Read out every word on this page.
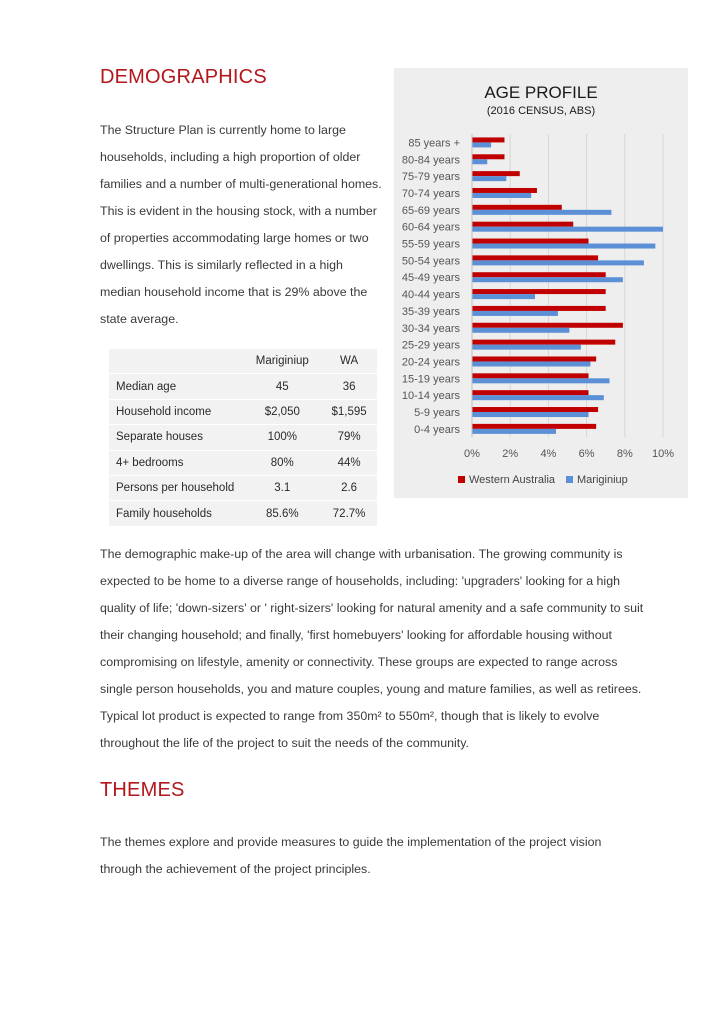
DEMOGRAPHICS

The Structure Plan is currently home to large households, including a high proportion of older families and a number of multi-generational homes. This is evident in the housing stock, with a number of properties accommodating large homes or two dwellings. This is similarly reflected in a high median household income that is 29% above the state average.

	Mariginiup	WA
Median age	45	36
Household income	$2,050	$1,595
Separate houses	100%	79%
4+ bedrooms	80%	44%
Persons per household	3.1	2.6
Family households	85.6%	72.7%
AGE PROFILE
(2016 CENSUS, ABS)
85 years +
80-84 years
75-79 years
70-74 years
65-69 years
60-64 years
55-59 years
50-54 years
45-49 years
40-44 years
35-39 years
30-34 years
25-29 years
20-24 years
15-19 years
10-14 years
5-9 years
0-4 years
0% 2% 4% 6% 8% 10%
Western Australia Mariginiup

The demographic make-up of the area will change with urbanisation. The growing community is expected to be home to a diverse range of households, including: 'upgraders' looking for a high quality of life; 'down-sizers' or ' right-sizers' looking for natural amenity and a safe community to suit their changing household; and finally, 'first homebuyers' looking for affordable housing without compromising on lifestyle, amenity or connectivity. These groups are expected to range across single person households, you and mature couples, young and mature families, as well as retirees. Typical lot product is expected to range from 350m² to 550m², though that is likely to evolve throughout the life of the project to suit the needs of the community.

THEMES

The themes explore and provide measures to guide the implementation of the project vision through the achievement of the project principles.
